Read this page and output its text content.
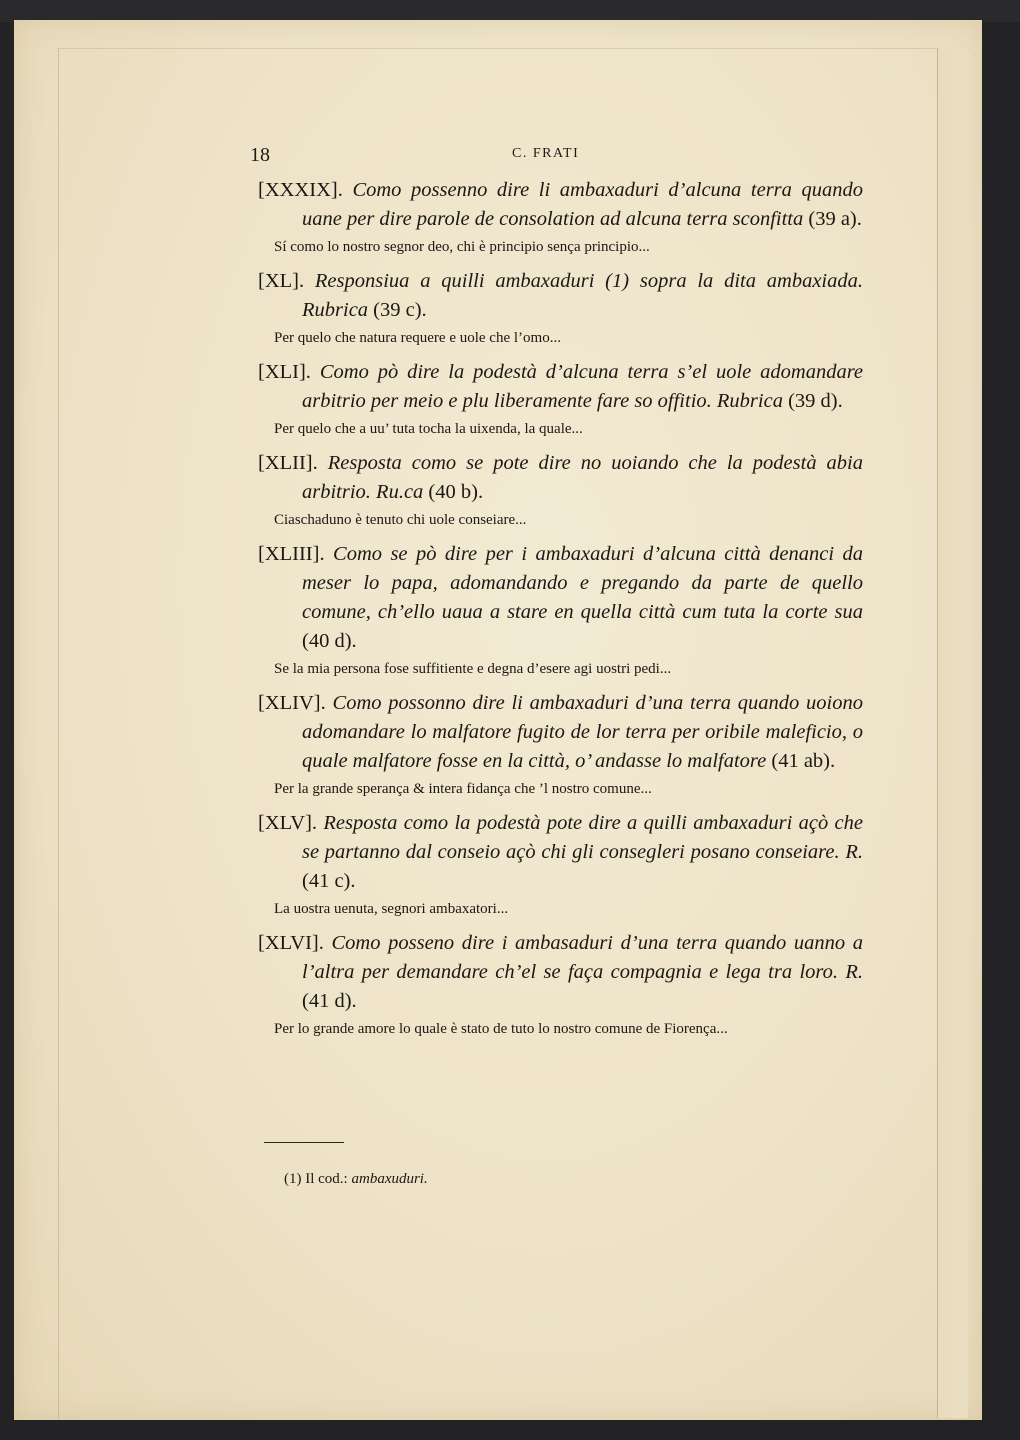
18	C. FRATI
[XXXIX]. Como possenno dire li ambaxaduri d’alcuna terra quando uane per dire parole de consolation ad alcuna terra sconfitta (39 a).
Sí como lo nostro segnor deo, chi è principio sença principio...
[XL]. Responsiua a quilli ambaxaduri (1) sopra la dita ambaxiada. Rubrica (39 c).
Per quelo che natura requere e uole che l’omo...
[XLI]. Como pò dire la podestà d’alcuna terra s’el uole adomandare arbitrio per meio e plu liberamente fare so offitio. Rubrica (39 d).
Per quelo che a uu’ tuta tocha la uixenda, la quale...
[XLII]. Resposta como se pote dire no uoiando che la podestà abia arbitrio. Ru.ca (40 b).
Ciaschaduno è tenuto chi uole conseiare...
[XLIII]. Como se pò dire per i ambaxaduri d’alcuna città denanci da meser lo papa, adomandando e pregando da parte de quello comune, ch’ello uaua a stare en quella città cum tuta la corte sua (40 d).
Se la mia persona fose suffitiente e degna d’esere agi uostri pedi...
[XLIV]. Como possonno dire li ambaxaduri d’una terra quando uoiono adomandare lo malfatore fugito de lor terra per oribile maleficio, o quale malfatore fosse en la città, o’ andasse lo malfatore (41 ab).
Per la grande sperança & intera fidança che ’l nostro comune...
[XLV]. Resposta como la podestà pote dire a quilli ambaxaduri açò che se partanno dal conseio açò chi gli consegleri posano conseiare. R. (41 c).
La uostra uenuta, segnori ambaxatori...
[XLVI]. Como posseno dire i ambasaduri d’una terra quando uanno a l’altra per demandare ch’el se faça compagnia e lega tra loro. R. (41 d).
Per lo grande amore lo quale è stato de tuto lo nostro comune de Fiorença...
(1) Il cod.: ambaxuduri.
